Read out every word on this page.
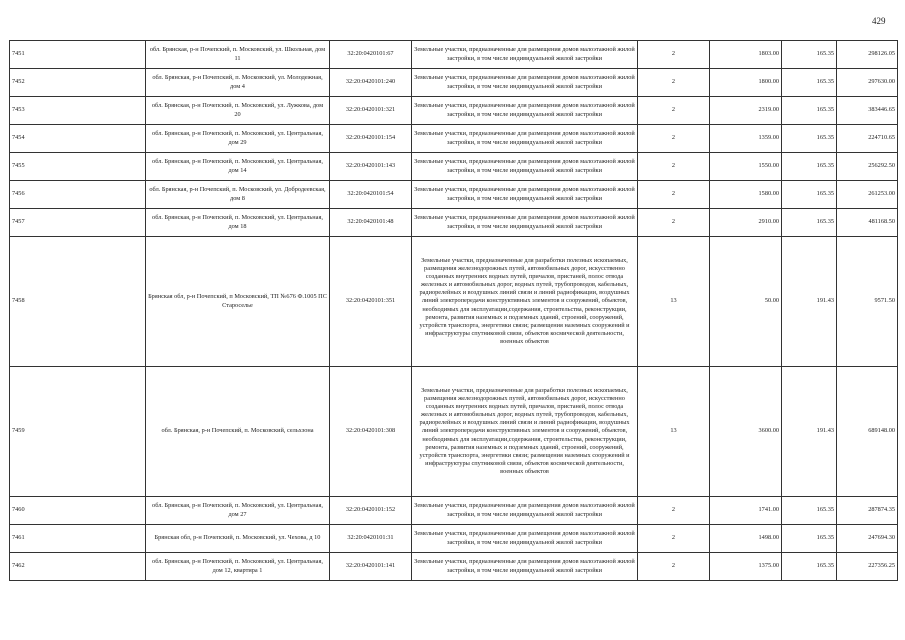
429
7451	обл. Брянская, р-н Почепский, п. Московский, ул. Школьная, дом 11	32:20:0420101:67	Земельные участки, предназначенные для размещения домов малоэтажной жилой застройки, в том числе индивидуальной жилой застройки	2	1803.00	165.35	298126.05
7452	обл. Брянская, р-н Почепский, п. Московский, ул. Молодежная, дом 4	32:20:0420101:240	Земельные участки, предназначенные для размещения домов малоэтажной жилой застройки, в том числе индивидуальной жилой застройки	2	1800.00	165.35	297630.00
7453	обл. Брянская, р-н Почепский, п. Московский, ул. Лужкова, дом 20	32:20:0420101:321	Земельные участки, предназначенные для размещения домов малоэтажной жилой застройки, в том числе индивидуальной жилой застройки	2	2319.00	165.35	383446.65
7454	обл. Брянская, р-н Почепский, п. Московский, ул. Центральная, дом 29	32:20:0420101:154	Земельные участки, предназначенные для размещения домов малоэтажной жилой застройки, в том числе индивидуальной жилой застройки	2	1359.00	165.35	224710.65
7455	обл. Брянская, р-н Почепский, п. Московский, ул. Центральная, дом 14	32:20:0420101:143	Земельные участки, предназначенные для размещения домов малоэтажной жилой застройки, в том числе индивидуальной жилой застройки	2	1550.00	165.35	256292.50
7456	обл. Брянская, р-н Почепский, п. Московский, ул. Добродеевская, дом 8	32:20:0420101:54	Земельные участки, предназначенные для размещения домов малоэтажной жилой застройки, в том числе индивидуальной жилой застройки	2	1580.00	165.35	261253.00
7457	обл. Брянская, р-н Почепский, п. Московский, ул. Центральная, дом 18	32:20:0420101:48	Земельные участки, предназначенные для размещения домов малоэтажной жилой застройки, в том числе индивидуальной жилой застройки	2	2910.00	165.35	481168.50
7458	Брянская обл, р-н Почепский, п Московский, ТП №676 Ф.1005 ПС Старосельe	32:20:0420101:351	Земельные участки, предназначенные для разработки полезных ископаемых, размещения железнодорожных путей, автомобильных дорог, искусственно созданных внутренних водных путей, причалов, пристаней, полос отвода железных и автомобильных дорог, водных путей, трубопроводов, кабельных, радиорелейных и воздушных линий связи и линий радиофикации, воздушных линий электропередачи конструктивных элементов и сооружений, объектов, необходимых для эксплуатации,содержания, строительства, реконструкции, ремонта, развития наземных и подземных зданий, строений, сооружений, устройств транспорта, энергетики связи; размещения наземных сооружений и инфраструктуры спутниковой связи, объектов космической деятельности, военных объектов	13	50.00	191.43	9571.50
7459	обл. Брянская, р-н Почепский, п. Московский, сельхзона	32:20:0420101:308	Земельные участки, предназначенные для разработки полезных ископаемых, размещения железнодорожных путей, автомобильных дорог, искусственно созданных внутренних водных путей, причалов, пристаней, полос отвода железных и автомобильных дорог, водных путей, трубопроводов, кабельных, радиорелейных и воздушных линий связи и линий радиофикации, воздушных линий электропередачи конструктивных элементов и сооружений, объектов, необходимых для эксплуатации,содержания, строительства, реконструкции, ремонта, развития наземных и подземных зданий, строений, сооружений, устройств транспорта, энергетики связи; размещения наземных сооружений и инфраструктуры спутниковой связи, объектов космической деятельности, военных объектов	13	3600.00	191.43	689148.00
7460	обл. Брянская, р-н Почепский, п. Московский, ул. Центральная, дом 27	32:20:0420101:152	Земельные участки, предназначенные для размещения домов малоэтажной жилой застройки, в том числе индивидуальной жилой застройки	2	1741.00	165.35	287874.35
7461	Брянская обл, р-н Почепский, п. Московский, ул. Чехова, д 10	32:20:0420101:31	Земельные участки, предназначенные для размещения домов малоэтажной жилой застройки, в том числе индивидуальной жилой застройки	2	1498.00	165.35	247694.30
7462	обл. Брянская, р-н Почепский, п. Московский, ул. Центральная, дом 12, квартира 1	32:20:0420101:141	Земельные участки, предназначенные для размещения домов малоэтажной жилой застройки, в том числе индивидуальной жилой застройки	2	1375.00	165.35	227356.25
